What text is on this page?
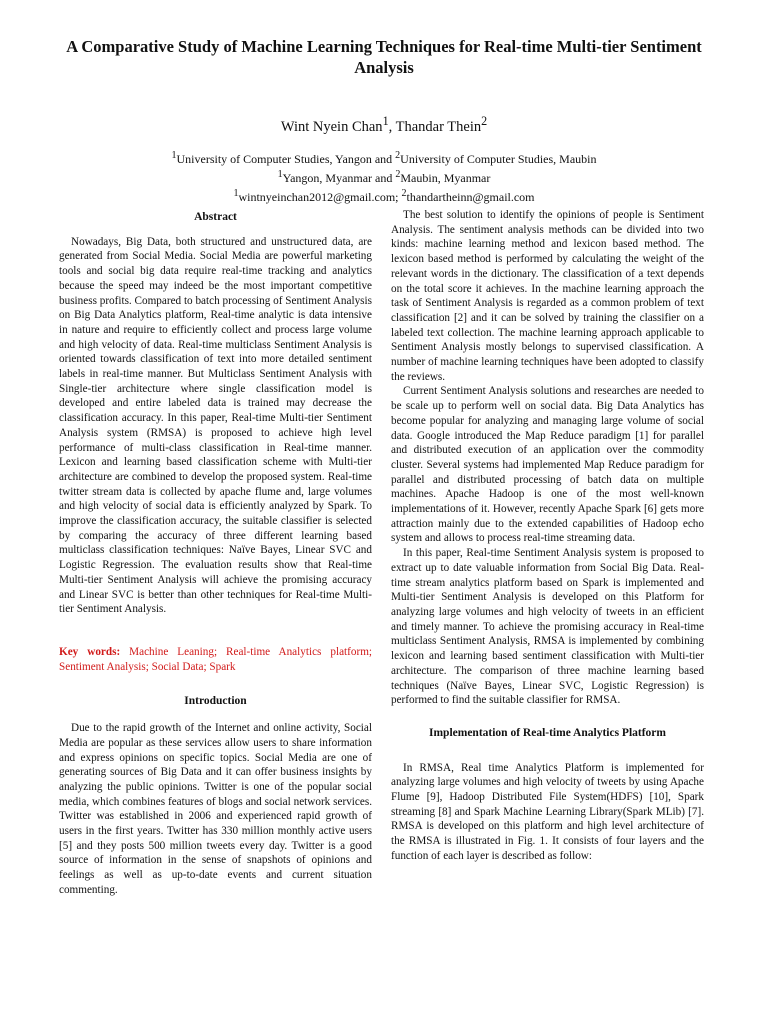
A Comparative Study of Machine Learning Techniques for Real-time Multi-tier Sentiment Analysis
Wint Nyein Chan$^1$, Thandar Thein$^2$
$^1$University of Computer Studies, Yangon and $^2$University of Computer Studies, Maubin
$^1$Yangon, Myanmar and $^2$Maubin, Myanmar
$^1$wintnyeinchan2012@gmail.com; $^2$thandartheinn@gmail.com
Abstract

Nowadays, Big Data, both structured and unstructured data, are generated from Social Media. Social Media are powerful marketing tools and social big data require real-time tracking and analytics because the speed may indeed be the most important competitive business profits. Compared to batch processing of Sentiment Analysis on Big Data Analytics platform, Real-time analytic is data intensive in nature and require to efficiently collect and process large volume and high velocity of data. Real-time multiclass Sentiment Analysis is oriented towards classification of text into more detailed sentiment labels in real-time manner. But Multiclass Sentiment Analysis with Single-tier architecture where single classification model is developed and entire labeled data is trained may decrease the classification accuracy. In this paper, Real-time Multi-tier Sentiment Analysis system (RMSA) is proposed to achieve high level performance of multi-class classification in Real-time manner. Lexicon and learning based classification scheme with Multi-tier architecture are combined to develop the proposed system. Real-time twitter stream data is collected by apache flume and, large volumes and high velocity of social data is efficiently analyzed by Spark. To improve the classification accuracy, the suitable classifier is selected by comparing the accuracy of three different learning based multiclass classification techniques: Naïve Bayes, Linear SVC and Logistic Regression. The evaluation results show that Real-time Multi-tier Sentiment Analysis will achieve the promising accuracy and Linear SVC is better than other techniques for Real-time Multi-tier Sentiment Analysis.

Key words: Machine Leaning; Real-time Analytics platform; Sentiment Analysis; Social Data; Spark

Introduction

Due to the rapid growth of the Internet and online activity, Social Media are popular as these services allow users to share information and express opinions on specific topics. Social Media are one of generating sources of Big Data and it can offer business insights by analyzing the public opinions. Twitter is one of the popular social media, which combines features of blogs and social network services. Twitter was established in 2006 and experienced rapid growth of users in the first years. Twitter has 330 million monthly active users [5] and they posts 500 million tweets every day. Twitter is a good source of information in the sense of snapshots of opinions and feelings as well as up-to-date events and current situation commenting.

The best solution to identify the opinions of people is Sentiment Analysis. The sentiment analysis methods can be divided into two kinds: machine learning method and lexicon based method. The lexicon based method is performed by calculating the weight of the relevant words in the dictionary. The classification of a text depends on the total score it achieves. In the machine learning approach the task of Sentiment Analysis is regarded as a common problem of text classification [2] and it can be solved by training the classifier on a labeled text collection. The machine learning approach applicable to Sentiment Analysis mostly belongs to supervised classification. A number of machine learning techniques have been adopted to classify the reviews.

Current Sentiment Analysis solutions and researches are needed to be scale up to perform well on social data. Big Data Analytics has become popular for analyzing and managing large volume of social data. Google introduced the Map Reduce paradigm [1] for parallel and distributed execution of an application over the commodity cluster. Several systems had implemented Map Reduce paradigm for parallel and distributed processing of batch data on multiple machines. Apache Hadoop is one of the most well-known implementations of it. However, recently Apache Spark [6] gets more attraction mainly due to the extended capabilities of Hadoop echo system and allows to process real-time streaming data.

In this paper, Real-time Sentiment Analysis system is proposed to extract up to date valuable information from Social Big Data. Real-time stream analytics platform based on Spark is implemented and Multi-tier Sentiment Analysis is developed on this Platform for analyzing large volumes and high velocity of tweets in an efficient and timely manner. To achieve the promising accuracy in Real-time multiclass Sentiment Analysis, RMSA is implemented by combining lexicon and learning based sentiment classification with Multi-tier architecture. The comparison of three machine learning based techniques (Naïve Bayes, Linear SVC, Logistic Regression) is performed to find the suitable classifier for RMSA.

Implementation of Real-time Analytics Platform

In RMSA, Real time Analytics Platform is implemented for analyzing large volumes and high velocity of tweets by using Apache Flume [9], Hadoop Distributed File System(HDFS) [10], Spark streaming [8] and Spark Machine Learning Library(Spark MLib) [7]. RMSA is developed on this platform and high level architecture of the RMSA is illustrated in Fig. 1. It consists of four layers and the function of each layer is described as follow:
